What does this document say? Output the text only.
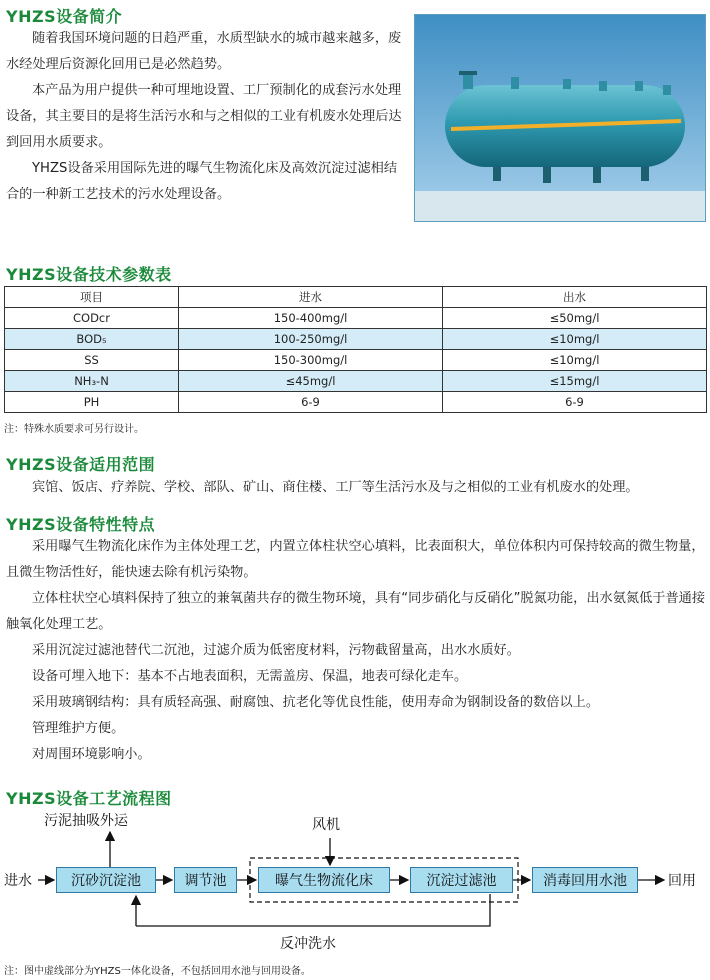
YHZS设备简介

随着我国环境问题的日趋严重，水质型缺水的城市越来越多，废水经处理后资源化回用已是必然趋势。

本产品为用户提供一种可埋地设置、工厂预制化的成套污水处理设备，其主要目的是将生活污水和与之相似的工业有机废水处理后达到回用水质要求。

YHZS设备采用国际先进的曝气生物流化床及高效沉淀过滤相结合的一种新工艺技术的污水处理设备。

YHZS设备技术参数表
项目	进水	出水
CODcr	150-400mg/l	≤50mg/l
BOD₅	100-250mg/l	≤10mg/l
SS	150-300mg/l	≤10mg/l
NH₃-N	≤45mg/l	≤15mg/l
PH	6-9	6-9
注：特殊水质要求可另行设计。
YHZS设备适用范围
宾馆、饭店、疗养院、学校、部队、矿山、商住楼、工厂等生活污水及与之相似的工业有机废水的处理。
YHZS设备特性特点

采用曝气生物流化床作为主体处理工艺，内置立体柱状空心填料，比表面积大，单位体积内可保持较高的微生物量，且微生物活性好，能快速去除有机污染物。

立体柱状空心填料保持了独立的兼氧菌共存的微生物环境，具有“同步硝化与反硝化”脱氮功能，出水氨氮低于普通接触氧化处理工艺。

采用沉淀过滤池替代二沉池，过滤介质为低密度材料，污物截留量高，出水水质好。

设备可埋入地下：基本不占地表面积，无需盖房、保温，地表可绿化走车。

采用玻璃钢结构：具有质轻高强、耐腐蚀、抗老化等优良性能，使用寿命为钢制设备的数倍以上。

管理维护方便。

对周围环境影响小。

YHZS设备工艺流程图
进水
污泥抽吸外运	风机
沉砂沉淀池	调节池	曝气生物流化床	沉淀过滤池	消毒回用水池	回用
反冲洗水
注：图中虚线部分为YHZS一体化设备，不包括回用水池与回用设备。
